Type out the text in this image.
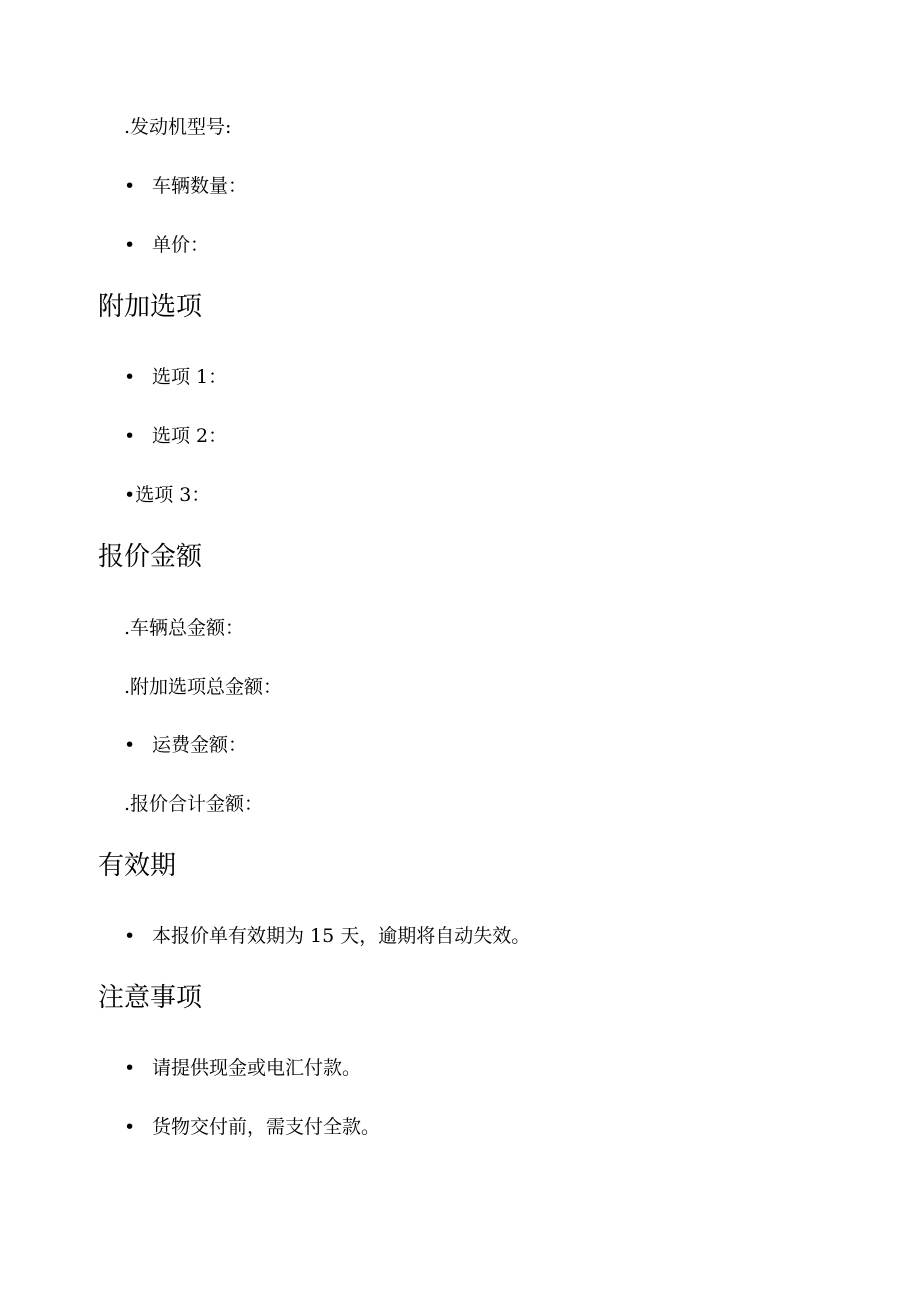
.发动机型号:
• 车辆数量：
• 单价：
附加选项
• 选项 1：
• 选项 2：
•选项 3：
报价金额
.车辆总金额：
.附加选项总金额：
• 运费金额：
.报价合计金额：
有效期
• 本报价单有效期为 15 天，逾期将自动失效。
注意事项
• 请提供现金或电汇付款。
• 货物交付前，需支付全款。
